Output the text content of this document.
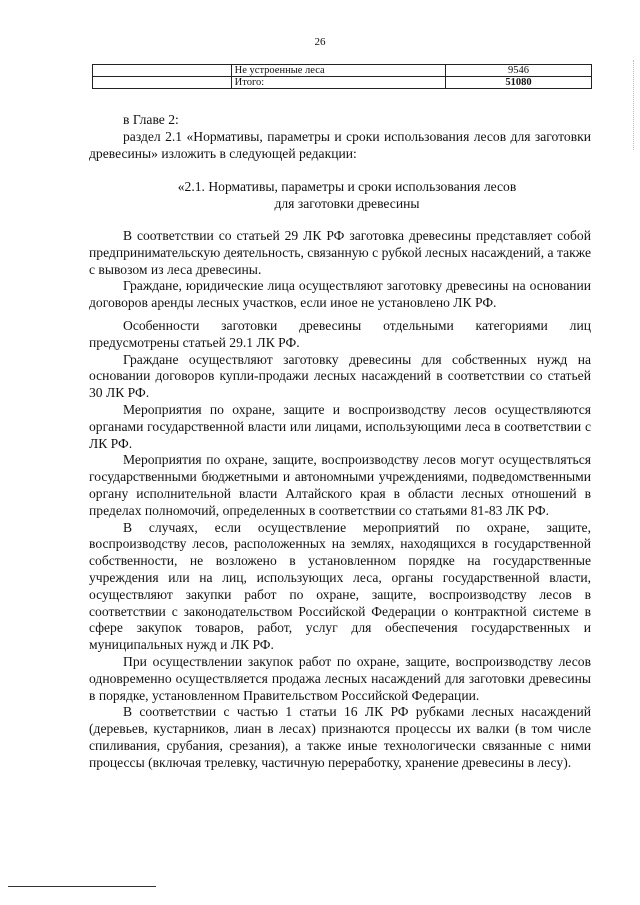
26
	Не устроенные леса	9546
	Итого:	51080

в Главе 2:

раздел 2.1 «Нормативы, параметры и сроки использования лесов для заготовки древесины» изложить в следующей редакции:

«2.1. Нормативы, параметры и сроки использования лесов
для заготовки древесины

В соответствии со статьей 29 ЛК РФ заготовка древесины представляет собой предпринимательскую деятельность, связанную с рубкой лесных насаждений, а также с вывозом из леса древесины.

Граждане, юридические лица осуществляют заготовку древесины на основании договоров аренды лесных участков, если иное не установлено ЛК РФ.

Особенности заготовки древесины отдельными категориями лиц предусмотрены статьей 29.1 ЛК РФ.

Граждане осуществляют заготовку древесины для собственных нужд на основании договоров купли-продажи лесных насаждений в соответствии со статьей 30 ЛК РФ.

Мероприятия по охране, защите и воспроизводству лесов осуществляются органами государственной власти или лицами, использующими леса в соответствии с ЛК РФ.

Мероприятия по охране, защите, воспроизводству лесов могут осуществляться государственными бюджетными и автономными учреждениями, подведомственными органу исполнительной власти Алтайского края в области лесных отношений в пределах полномочий, определенных в соответствии со статьями 81-83 ЛК РФ.

В случаях, если осуществление мероприятий по охране, защите, воспроизводству лесов, расположенных на землях, находящихся в государственной собственности, не возложено в установленном порядке на государственные учреждения или на лиц, использующих леса, органы государственной власти, осуществляют закупки работ по охране, защите, воспроизводству лесов в соответствии с законодательством Российской Федерации о контрактной системе в сфере закупок товаров, работ, услуг для обеспечения государственных и муниципальных нужд и ЛК РФ.

При осуществлении закупок работ по охране, защите, воспроизводству лесов одновременно осуществляется продажа лесных насаждений для заготовки древесины в порядке, установленном Правительством Российской Федерации.

В соответствии с частью 1 статьи 16 ЛК РФ рубками лесных насаждений (деревьев, кустарников, лиан в лесах) признаются процессы их валки (в том числе спиливания, срубания, срезания), а также иные технологически связанные с ними процессы (включая трелевку, частичную переработку, хранение древесины в лесу).
